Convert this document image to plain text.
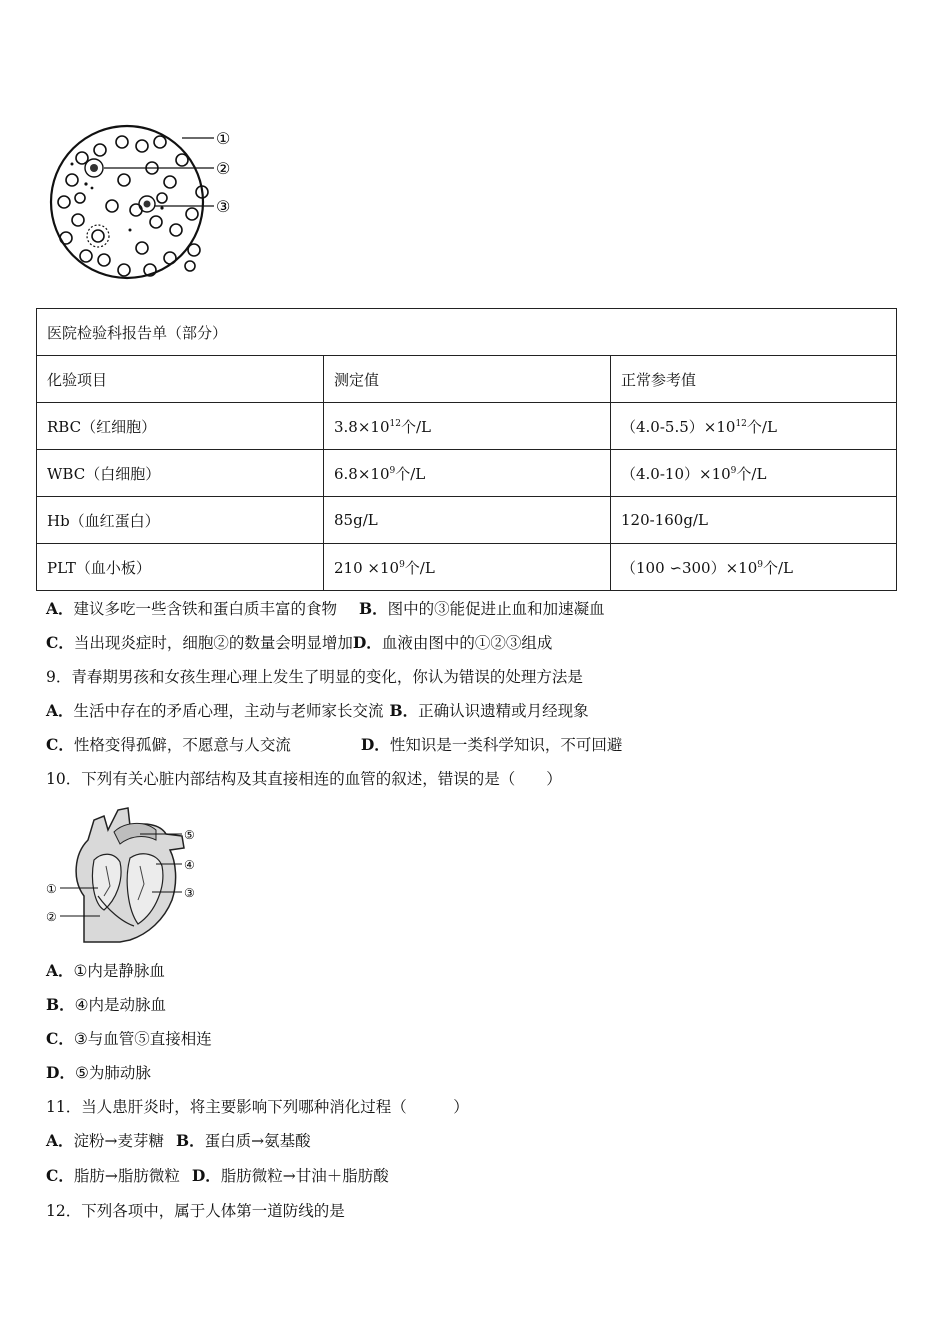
①
②
③
医院检验科报告单（部分）		
化验项目	测定值	正常参考值
RBC（红细胞）	$3.8\times 10^{12}$个/L	$(4.0-5.5)\times 10^{12}$个/L
WBC（白细胞）	$6.8\times 10^9$个/L	$(4.0-10)\times 10^9$个/L
Hb（血红蛋白）	85g/L	120-160g/L
PLT（血小板）	$210 \times 10^9$个/L	（100 $∽300)\times 10^9$个/L
A．建议多吃一些含铁和蛋白质丰富的食物 B．图中的③能促进止血和加速凝血
C．当出现炎症时，细胞②的数量会明显增加D．血液由图中的①②③组成
9．青春期男孩和女孩生理心理上发生了明显的变化，你认为错误的处理方法是
A．生活中存在的矛盾心理，主动与老师家长交流 B．正确认识遗精或月经现象
C．性格变得孤僻，不愿意与人交流	D．性知识是一类科学知识，不可回避
10．下列有关心脏内部结构及其直接相连的血管的叙述，错误的是（　　）
⑤
④
③
①
②
A．①内是静脉血
B．④内是动脉血
C．③与血管⑤直接相连
D．⑤为肺动脉
11．当人患肝炎时，将主要影响下列哪种消化过程（　　　）
A．淀粉→麦芽糖 B．蛋白质→氨基酸
C．脂肪→脂肪微粒 D．脂肪微粒→甘油＋脂肪酸
12．下列各项中，属于人体第一道防线的是
